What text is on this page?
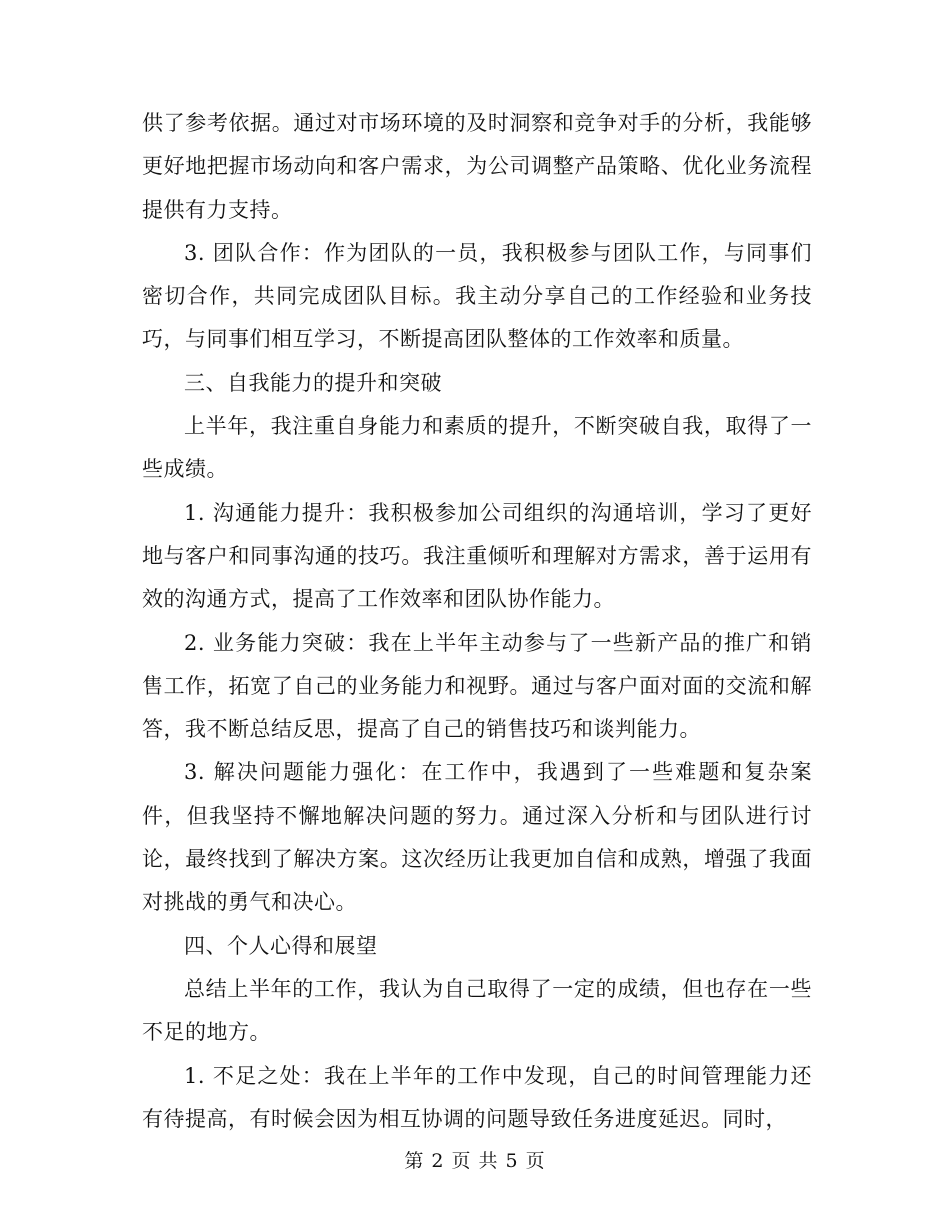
供了参考依据。通过对市场环境的及时洞察和竞争对手的分析，我能够更好地把握市场动向和客户需求，为公司调整产品策略、优化业务流程提供有力支持。

3. 团队合作：作为团队的一员，我积极参与团队工作，与同事们密切合作，共同完成团队目标。我主动分享自己的工作经验和业务技巧，与同事们相互学习，不断提高团队整体的工作效率和质量。

三、自我能力的提升和突破

上半年，我注重自身能力和素质的提升，不断突破自我，取得了一些成绩。

1. 沟通能力提升：我积极参加公司组织的沟通培训，学习了更好地与客户和同事沟通的技巧。我注重倾听和理解对方需求，善于运用有效的沟通方式，提高了工作效率和团队协作能力。

2. 业务能力突破：我在上半年主动参与了一些新产品的推广和销售工作，拓宽了自己的业务能力和视野。通过与客户面对面的交流和解答，我不断总结反思，提高了自己的销售技巧和谈判能力。

3. 解决问题能力强化：在工作中，我遇到了一些难题和复杂案件，但我坚持不懈地解决问题的努力。通过深入分析和与团队进行讨论，最终找到了解决方案。这次经历让我更加自信和成熟，增强了我面对挑战的勇气和决心。

四、个人心得和展望

总结上半年的工作，我认为自己取得了一定的成绩，但也存在一些不足的地方。

1. 不足之处：我在上半年的工作中发现，自己的时间管理能力还有待提高，有时候会因为相互协调的问题导致任务进度延迟。同时，

第 2 页 共 5 页
